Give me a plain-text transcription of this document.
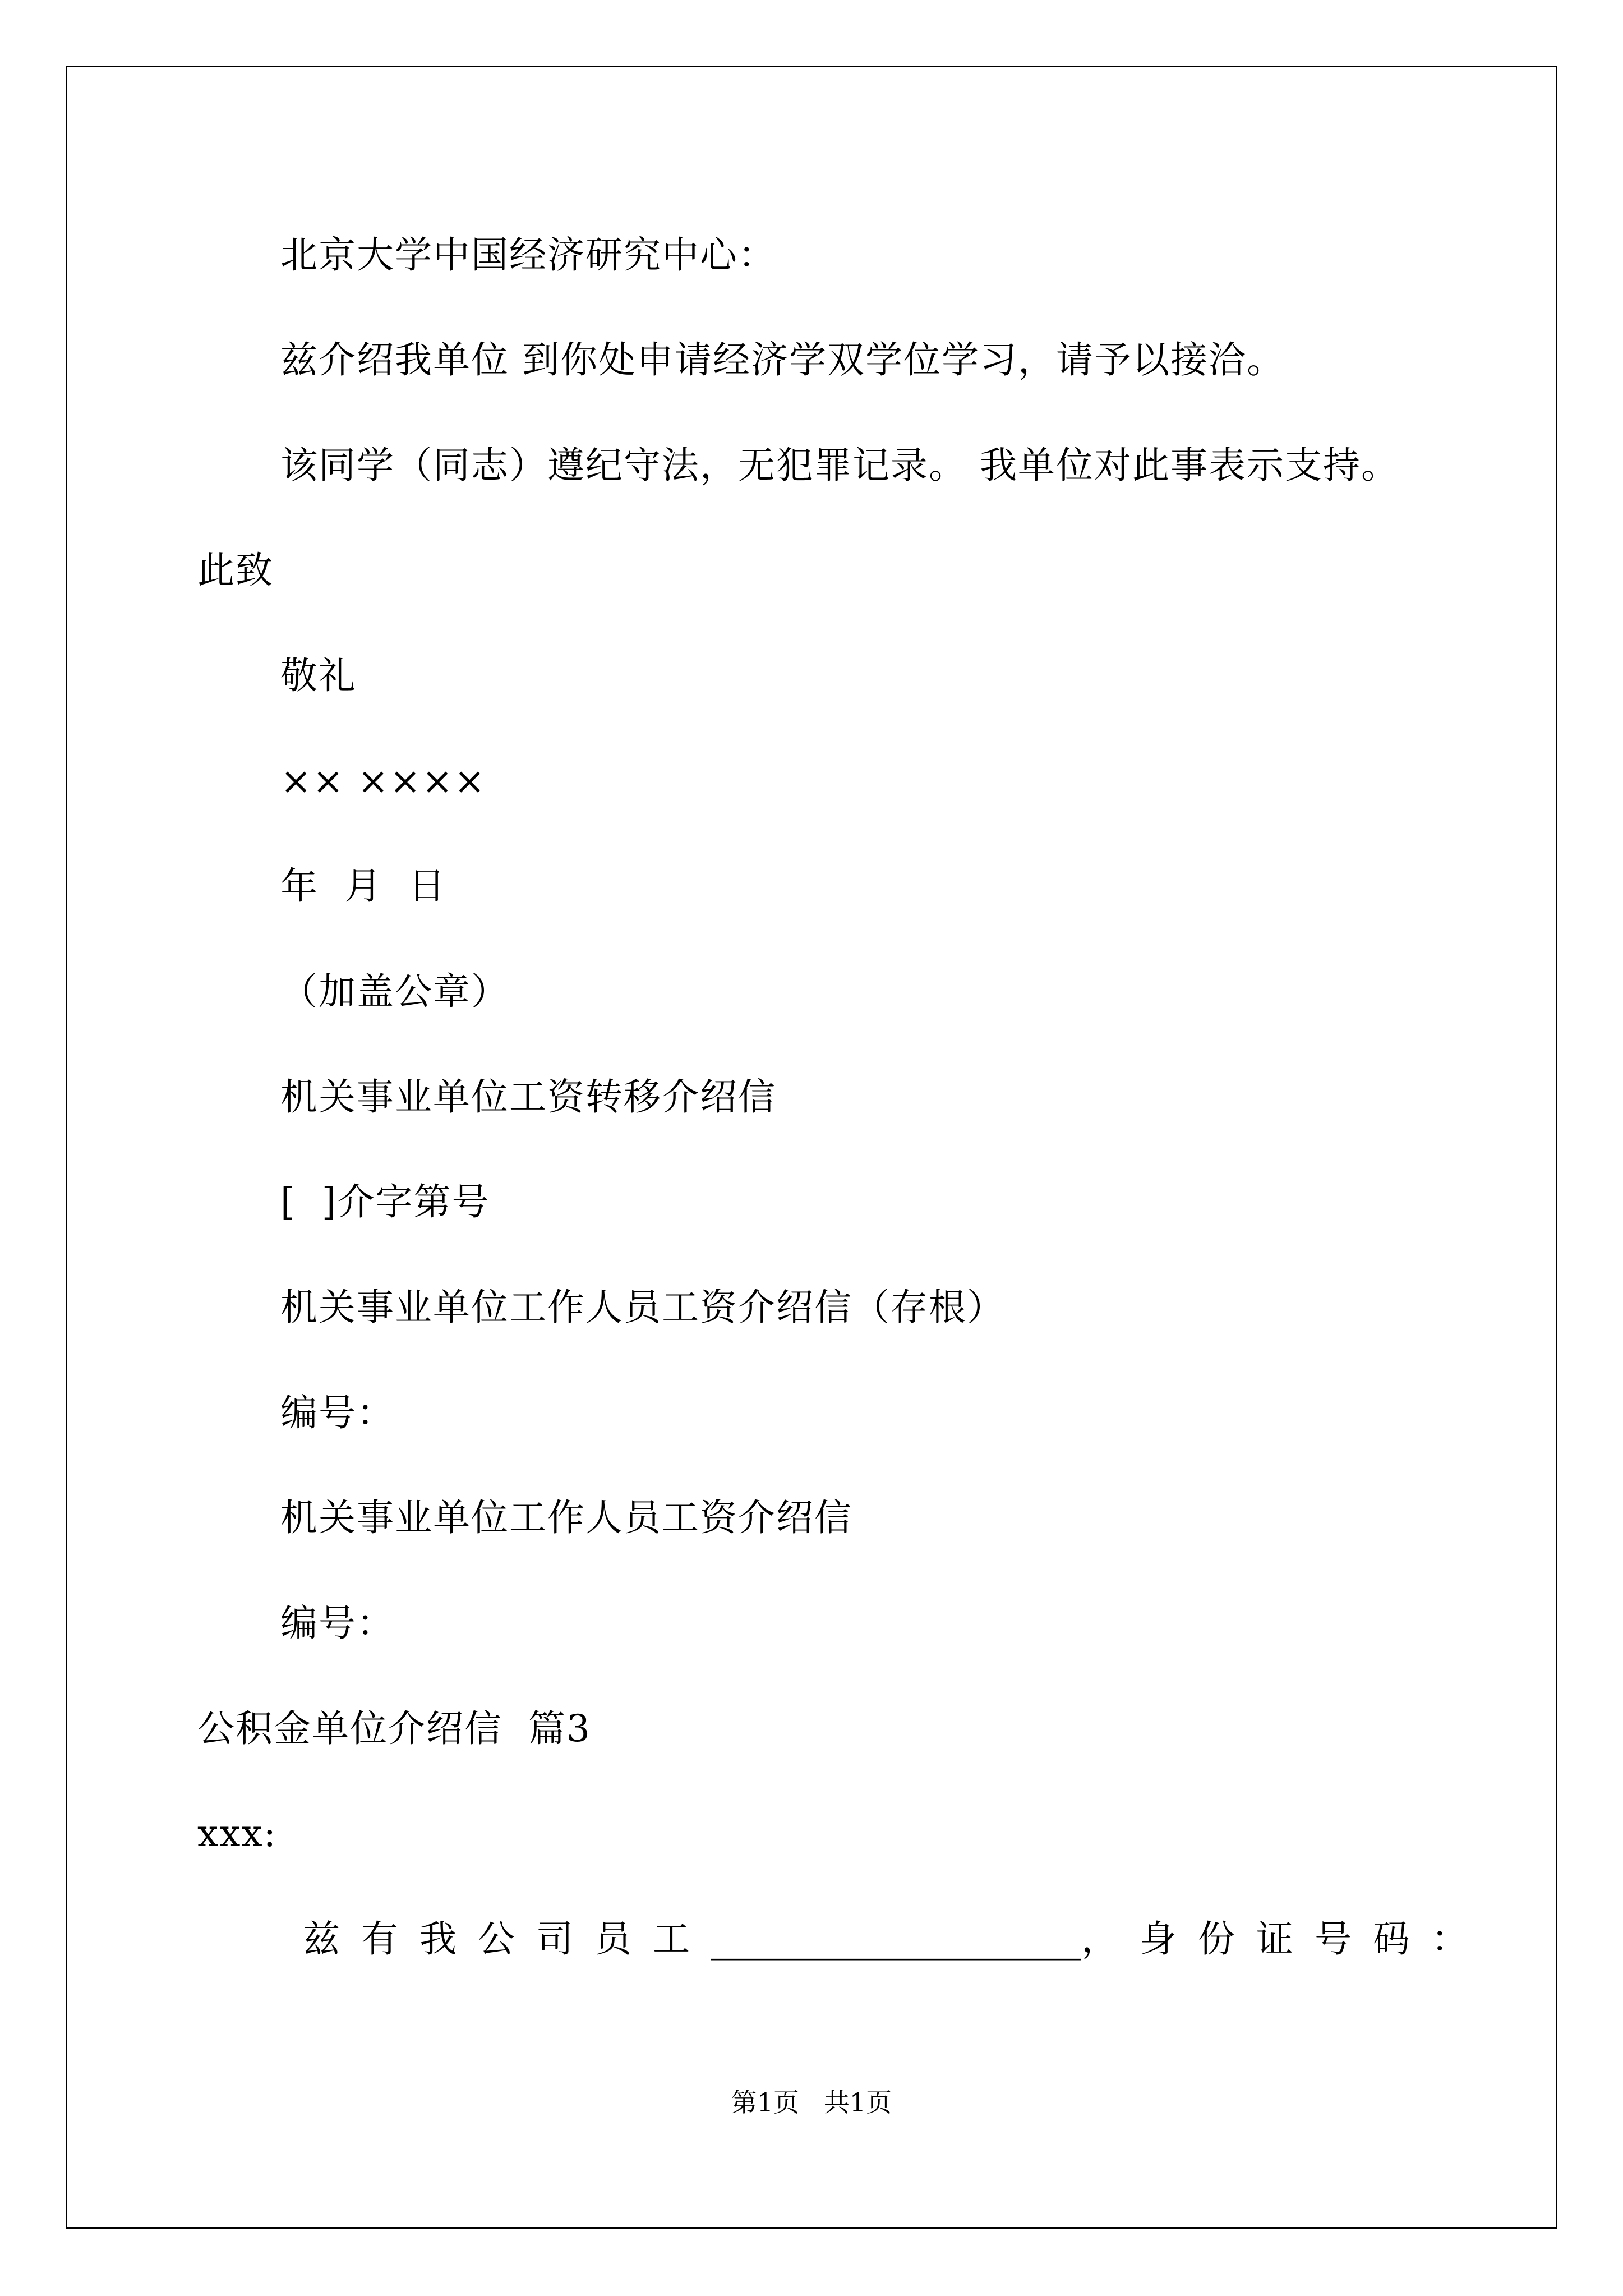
北京大学中国经济研究中心：
兹介绍我单位 到你处申请经济学双学位学习，请予以接洽。
该同学（同志）遵纪守法，无犯罪记录。 我单位对此事表示支持。
此致
敬礼
×× ××××
年  月  日
（加盖公章）
机关事业单位工资转移介绍信
[  ]介字第号
机关事业单位工作人员工资介绍信（存根）
编号：
机关事业单位工作人员工资介绍信
编号：
公积金单位介绍信  篇3
xxx:
兹有我公司员工____________________，身份证号码：
第1页   共1页
